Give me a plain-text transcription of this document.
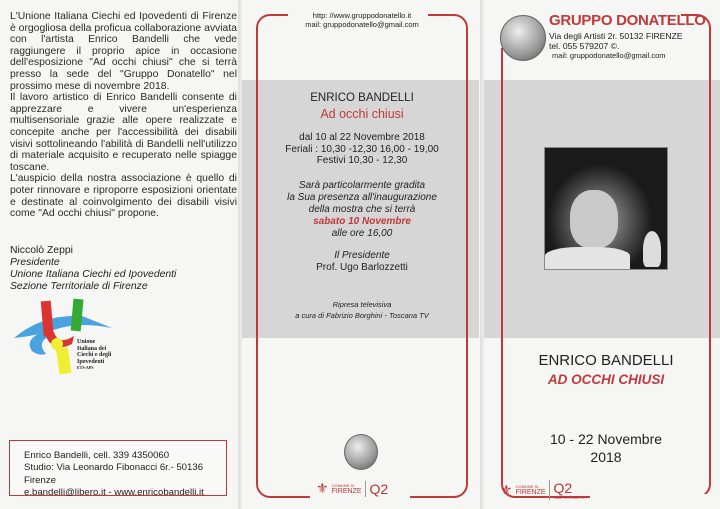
L'Unione Italiana Ciechi ed Ipovedenti di Firenze è orgogliosa della proficua collaborazione avviata con l'artista Enrico Bandelli che vede raggiungere il proprio apice in occasione dell'esposizione "Ad occhi chiusi" che si terrà presso la sede del "Gruppo Donatello" nel prossimo mese di novembre 2018.

Il lavoro artistico di Enrico Bandelli consente di apprezzare e vivere un'esperienza multisensoriale grazie alle opere realizzate e concepite anche per l'accessibilità dei disabili visivi sottolineando l'abilità di Bandelli nell'utilizzo di materiale acquisito e recuperato nelle spiagge toscane.

L'auspicio della nostra associazione è quello di poter rinnovare e riproporre esposizioni orientate e destinate al coinvolgimento dei disabili visivi come "Ad occhi chiusi" propone.

Niccolò Zeppi
Presidente
Unione Italiana Ciechi ed Ipovedenti
Sezione Territoriale di Firenze
Unione
Italiana dei
Ciechi e degli
Ipovedenti
ETS-APS
Enrico Bandelli, cell. 339 4350060
Studio: Via Leonardo Fibonacci 6r.- 50136 Firenze
e.bandelli@libero.it - www.enricobandelli.it
http: //www.gruppodonatello.it
mail: gruppodonatello@gmail.com
ENRICO BANDELLI
Ad occhi chiusi
dal 10 al 22 Novembre 2018
Feriali : 10,30 -12,30 16,00 - 19,00
Festivi 10,30 - 12,30
Sarà particolarmente gradita
la Sua presenza all'inaugurazione
della mostra che si terrà
sabato 10 Novembre
alle ore 16,00
Il Presidente
Prof. Ugo Barlozzetti
Ripresa televisiva
a cura di Fabrizio Borghini - Toscana TV
⚜ COMUNE DI
FIRENZE Q2
GRUPPO DONATELLO
Via degli Artisti 2r. 50132 FIRENZE
tel. 055 579207 ©.
mail: gruppodonatello@gmail.com
ENRICO BANDELLI
AD OCCHI CHIUSI
10 - 22 Novembre
2018
⚜ COMUNE DI
FIRENZE Q2
CAMPO DI MARTE
